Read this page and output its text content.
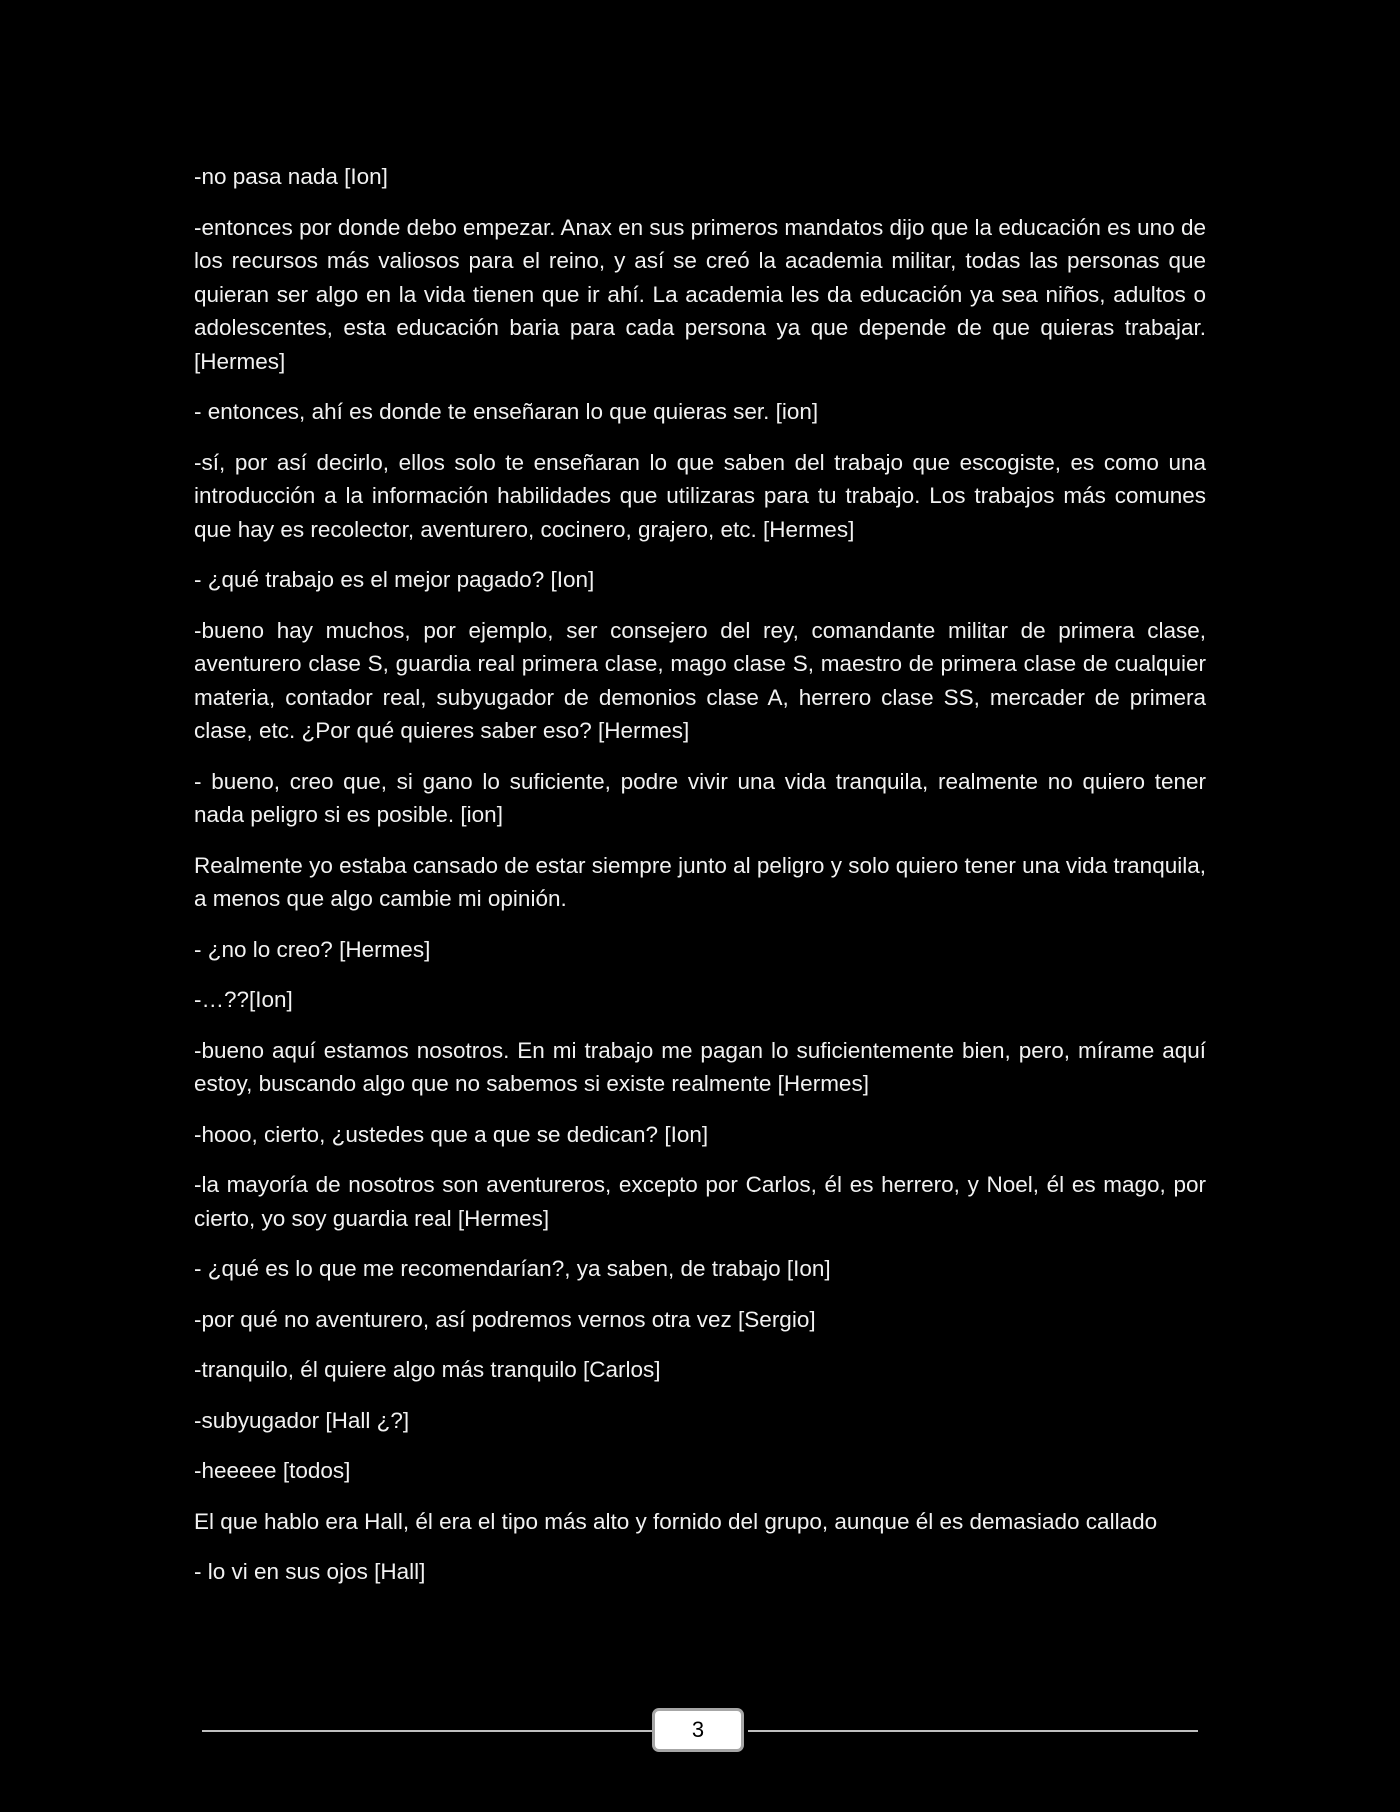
-no pasa nada [Ion]

-entonces por donde debo empezar. Anax en sus primeros mandatos dijo que la educación es uno de los recursos más valiosos para el reino, y así se creó la academia militar, todas las personas que quieran ser algo en la vida tienen que ir ahí. La academia les da educación ya sea niños, adultos o adolescentes, esta educación baria para cada persona ya que depende de que quieras trabajar. [Hermes]

- entonces, ahí es donde te enseñaran lo que quieras ser. [ion]

-sí, por así decirlo, ellos solo te enseñaran lo que saben del trabajo que escogiste, es como una introducción a la información habilidades que utilizaras para tu trabajo. Los trabajos más comunes que hay es recolector, aventurero, cocinero, grajero, etc. [Hermes]

- ¿qué trabajo es el mejor pagado? [Ion]

-bueno hay muchos, por ejemplo, ser consejero del rey, comandante militar de primera clase, aventurero clase S, guardia real primera clase, mago clase S, maestro de primera clase de cualquier materia, contador real, subyugador de demonios clase A, herrero clase SS, mercader de primera clase, etc. ¿Por qué quieres saber eso? [Hermes]

- bueno, creo que, si gano lo suficiente, podre vivir una vida tranquila, realmente no quiero tener nada peligro si es posible. [ion]

Realmente yo estaba cansado de estar siempre junto al peligro y solo quiero tener una vida tranquila, a menos que algo cambie mi opinión.

- ¿no lo creo? [Hermes]

-…??[Ion]

-bueno aquí estamos nosotros. En mi trabajo me pagan lo suficientemente bien, pero, mírame aquí estoy, buscando algo que no sabemos si existe realmente [Hermes]

-hooo, cierto, ¿ustedes que a que se dedican? [Ion]

-la mayoría de nosotros son aventureros, excepto por Carlos, él es herrero, y Noel, él es mago, por cierto, yo soy guardia real [Hermes]

- ¿qué es lo que me recomendarían?, ya saben, de trabajo [Ion]

-por qué no aventurero, así podremos vernos otra vez [Sergio]

-tranquilo, él quiere algo más tranquilo [Carlos]

-subyugador [Hall ¿?]

-heeeee [todos]

El que hablo era Hall, él era el tipo más alto y fornido del grupo, aunque él es demasiado callado

- lo vi en sus ojos [Hall]

3
